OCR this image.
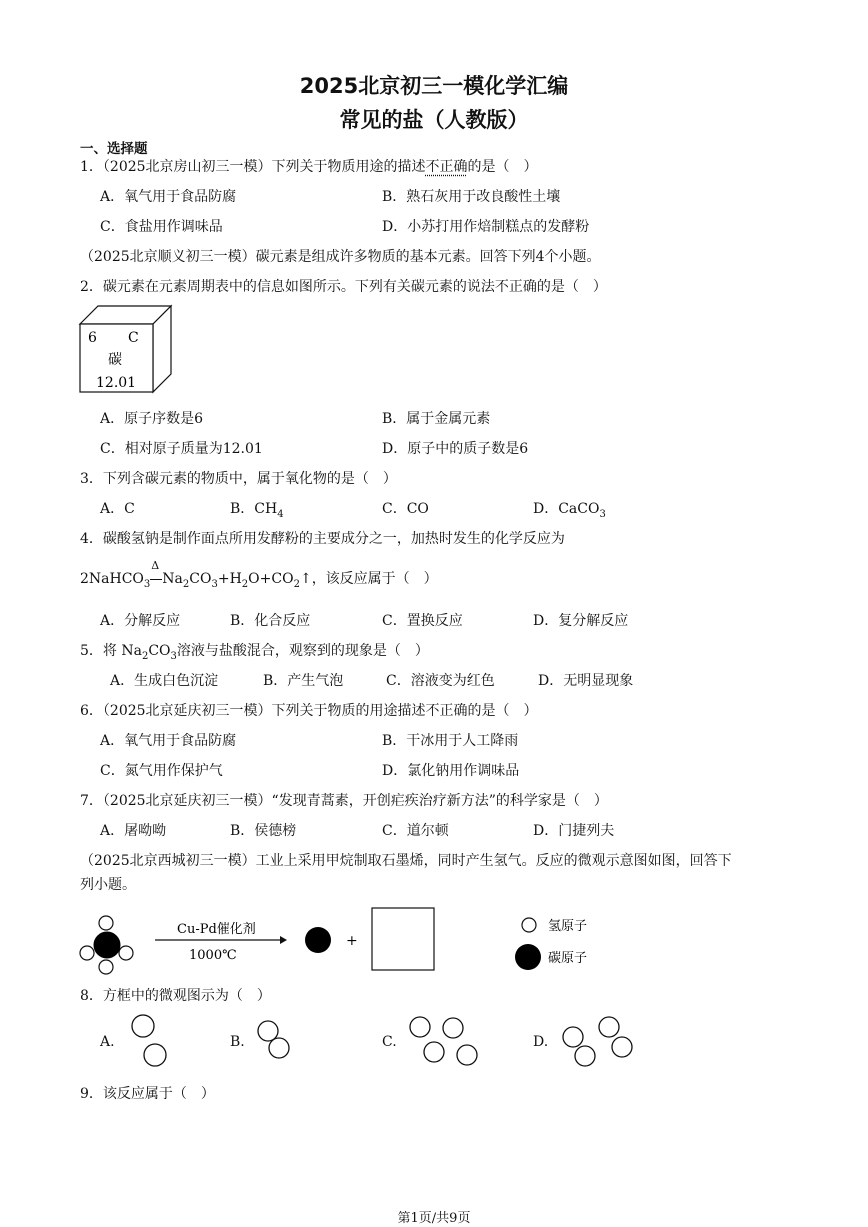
2025北京初三一模化学汇编
常见的盐（人教版）
一、选择题
1．（2025北京房山初三一模）下列关于物质用途的描述不正确的是（　）
A．氧气用于食品防腐	B．熟石灰用于改良酸性土壤
C．食盐用作调味品	D．小苏打用作焙制糕点的发酵粉
（2025北京顺义初三一模）碳元素是组成许多物质的基本元素。回答下列4个小题。
2．碳元素在元素周期表中的信息如图所示。下列有关碳元素的说法不正确的是（　）
6 C
碳
12.01
A．原子序数是6	B．属于金属元素
C．相对原子质量为12.01	D．原子中的质子数是6
3．下列含碳元素的物质中，属于氧化物的是（　）
A．C	B．$CH_4$	C．CO	D．CaCO$_3$
4．碳酸氢钠是制作面点所用发酵粉的主要成分之一，加热时发生的化学反应为
2NaHCO$_3$
Δ
$Na_2CO_3+H_2O+CO_2↑$，该反应属于（　）
A．分解反应	B．化合反应	C．置换反应	D．复分解反应
5．将 $Na_2CO_3$溶液与盐酸混合，观察到的现象是（　）
A．生成白色沉淀	B．产生气泡	C．溶液变为红色	D．无明显现象
6．（2025北京延庆初三一模）下列关于物质的用途描述不正确的是（　）
A．氧气用于食品防腐	B．干冰用于人工降雨
C．氮气用作保护气	D．氯化钠用作调味品
7．（2025北京延庆初三一模）“发现青蒿素，开创疟疾治疗新方法”的科学家是（　）
A．屠呦呦	B．侯德榜	C．道尔顿	D．门捷列夫
（2025北京西城初三一模）工业上采用甲烷制取石墨烯，同时产生氢气。反应的微观示意图如图，回答下
列小题。
Cu-Pd催化剂
1000℃
+
氢原子
碳原子
8．方框中的微观图示为（　）
A.	B.	C.	D.
9．该反应属于（　）
第1页/共9页
